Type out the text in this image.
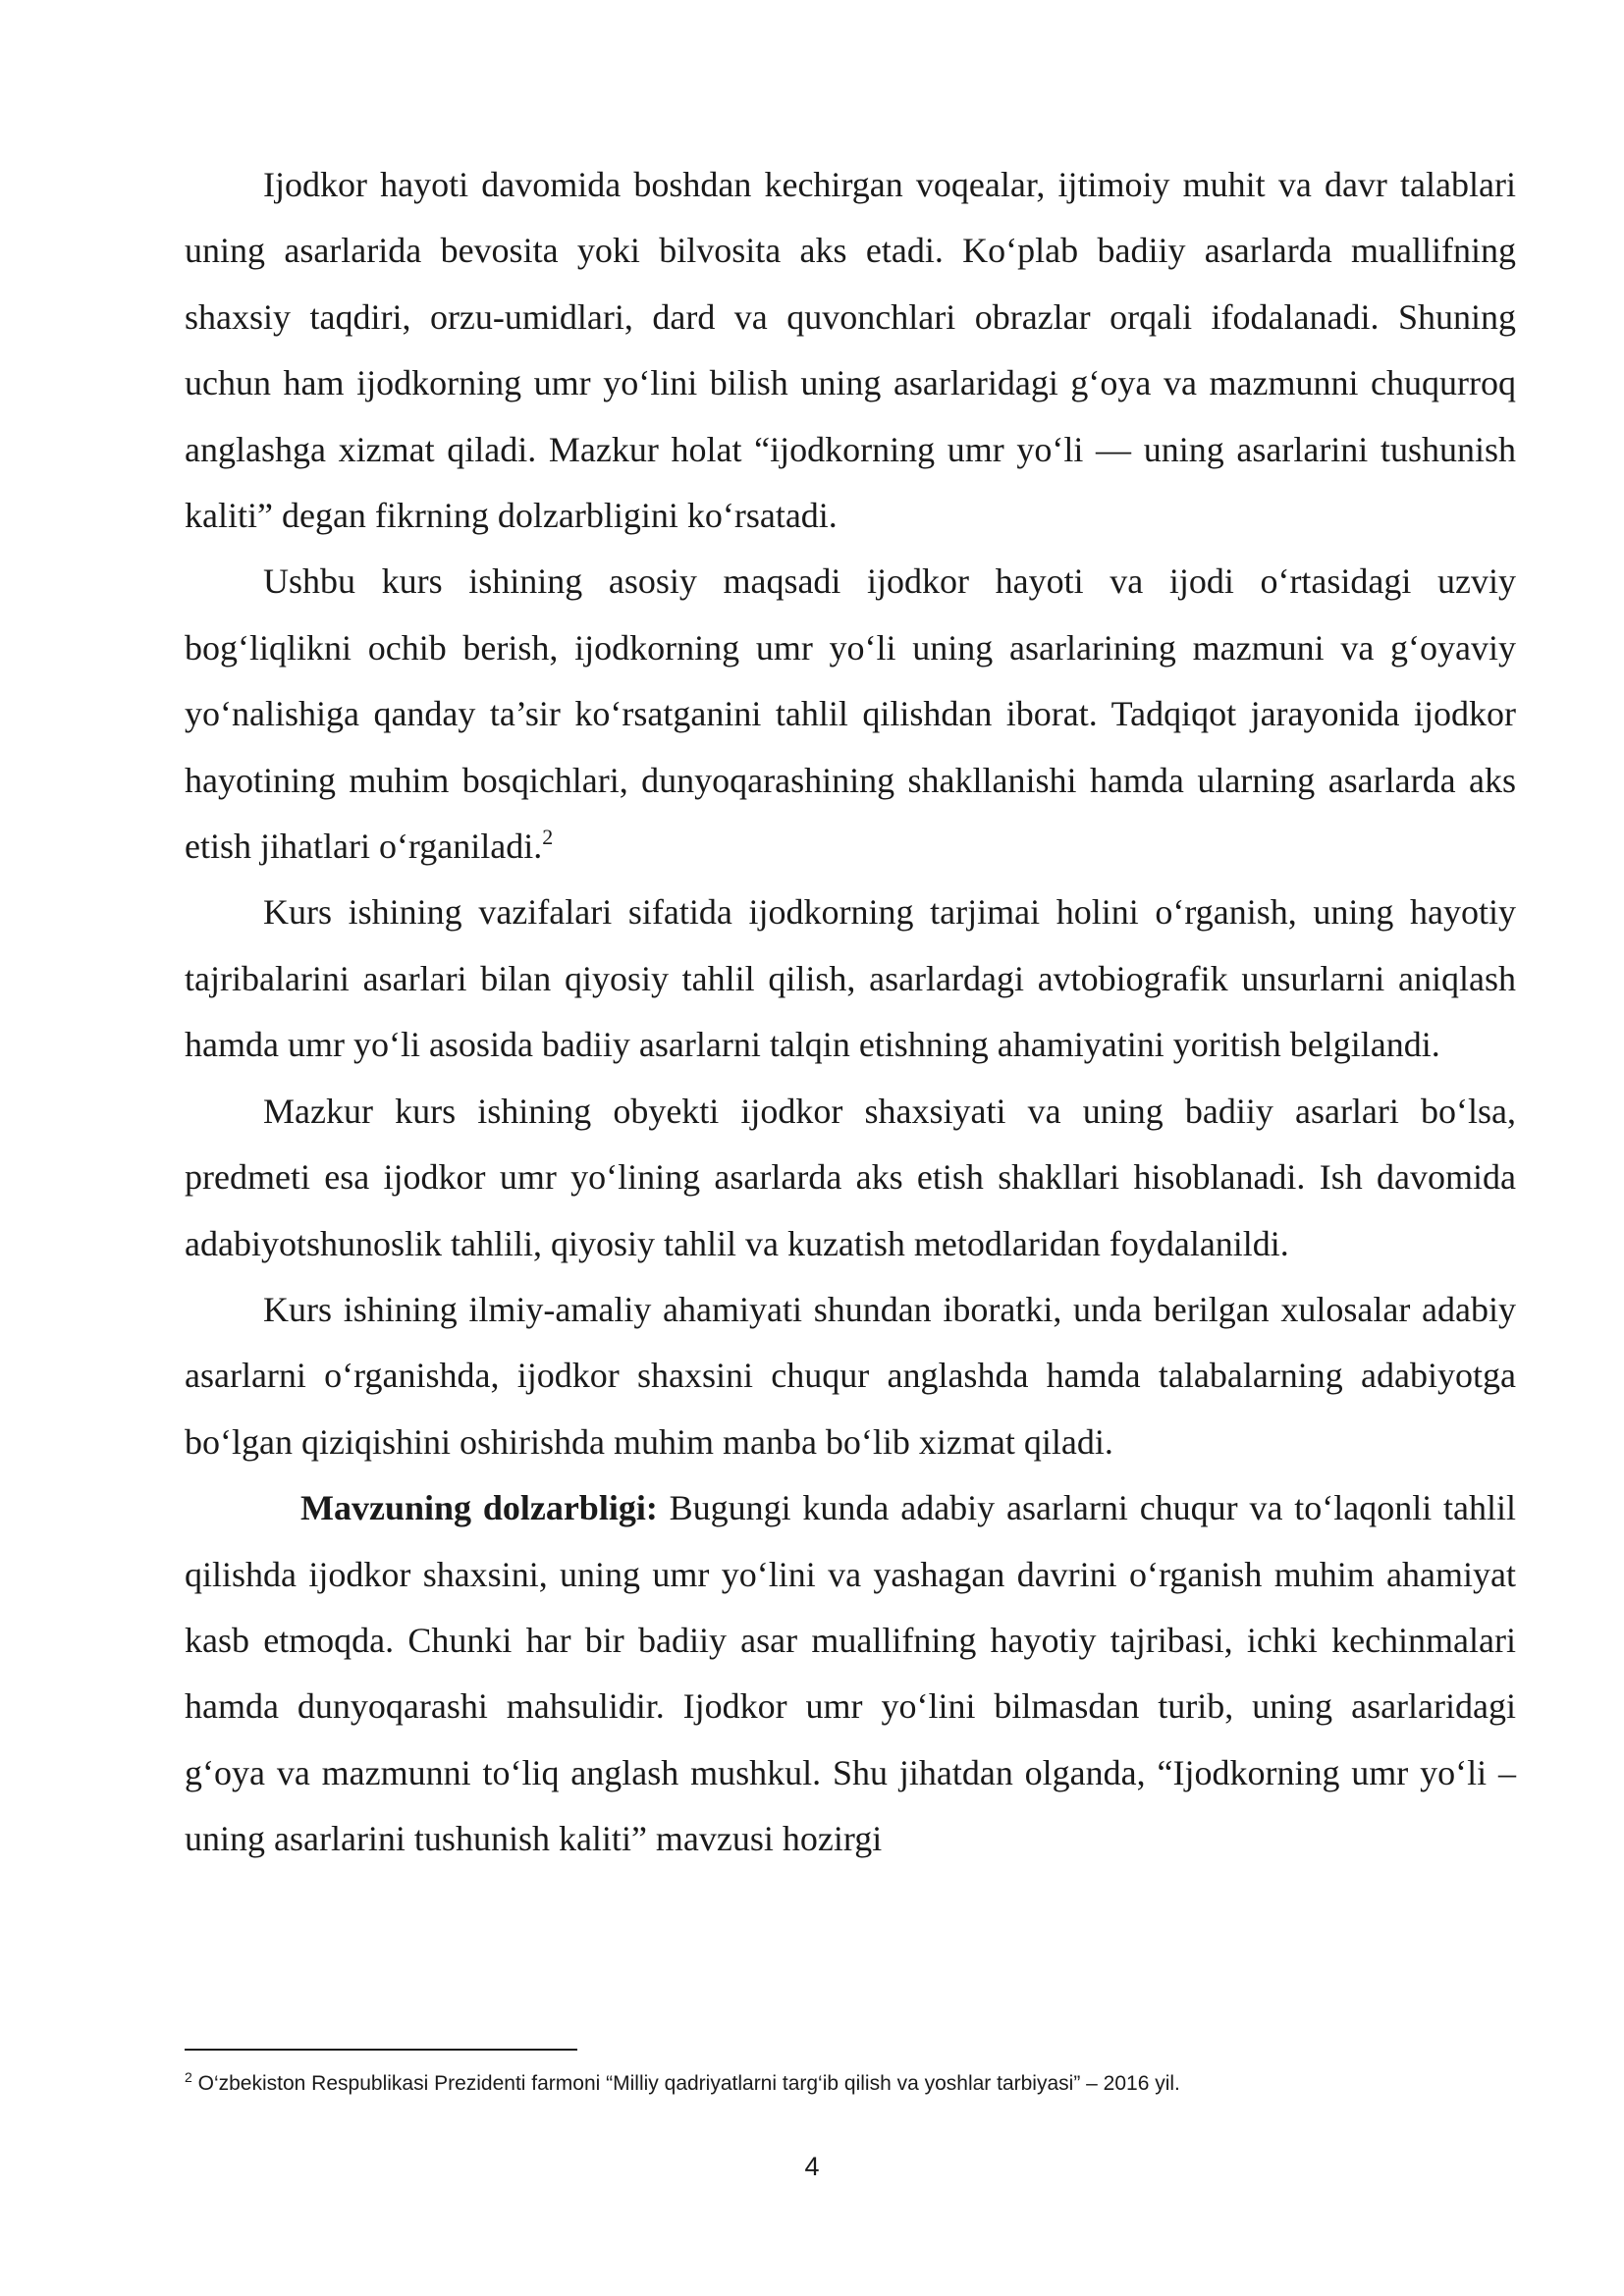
Ijodkor hayoti davomida boshdan kechirgan voqealar, ijtimoiy muhit va davr talablari uning asarlarida bevosita yoki bilvosita aks etadi. Ko‘plab badiiy asarlarda muallifning shaxsiy taqdiri, orzu-umidlari, dard va quvonchlari obrazlar orqali ifodalanadi. Shuning uchun ham ijodkorning umr yo‘lini bilish uning asarlaridagi g‘oya va mazmunni chuqurroq anglashga xizmat qiladi. Mazkur holat “ijodkorning umr yo‘li — uning asarlarini tushunish kaliti” degan fikrning dolzarbligini ko‘rsatadi.

Ushbu kurs ishining asosiy maqsadi ijodkor hayoti va ijodi o‘rtasidagi uzviy bog‘liqlikni ochib berish, ijodkorning umr yo‘li uning asarlarining mazmuni va g‘oyaviy yo‘nalishiga qanday ta’sir ko‘rsatganini tahlil qilishdan iborat. Tadqiqot jarayonida ijodkor hayotining muhim bosqichlari, dunyoqarashining shakllanishi hamda ularning asarlarda aks etish jihatlari o‘rganiladi.$^2$

Kurs ishining vazifalari sifatida ijodkorning tarjimai holini o‘rganish, uning hayotiy tajribalarini asarlari bilan qiyosiy tahlil qilish, asarlardagi avtobiografik unsurlarni aniqlash hamda umr yo‘li asosida badiiy asarlarni talqin etishning ahamiyatini yoritish belgilandi.

Mazkur kurs ishining obyekti ijodkor shaxsiyati va uning badiiy asarlari bo‘lsa, predmeti esa ijodkor umr yo‘lining asarlarda aks etish shakllari hisoblanadi. Ish davomida adabiyotshunoslik tahlili, qiyosiy tahlil va kuzatish metodlaridan foydalanildi.

Kurs ishining ilmiy-amaliy ahamiyati shundan iboratki, unda berilgan xulosalar adabiy asarlarni o‘rganishda, ijodkor shaxsini chuqur anglashda hamda talabalarning adabiyotga bo‘lgan qiziqishini oshirishda muhim manba bo‘lib xizmat qiladi.

Mavzuning dolzarbligi: Bugungi kunda adabiy asarlarni chuqur va to‘laqonli tahlil qilishda ijodkor shaxsini, uning umr yo‘lini va yashagan davrini o‘rganish muhim ahamiyat kasb etmoqda. Chunki har bir badiiy asar muallifning hayotiy tajribasi, ichki kechinmalari hamda dunyoqarashi mahsulidir. Ijodkor umr yo‘lini bilmasdan turib, uning asarlaridagi g‘oya va mazmunni to‘liq anglash mushkul. Shu jihatdan olganda, “Ijodkorning umr yo‘li – uning asarlarini tushunish kaliti” mavzusi hozirgi

$^2$ O‘zbekiston Respublikasi Prezidenti farmoni “Milliy qadriyatlarni targ‘ib qilish va yoshlar tarbiyasi” – 2016 yil.
4
